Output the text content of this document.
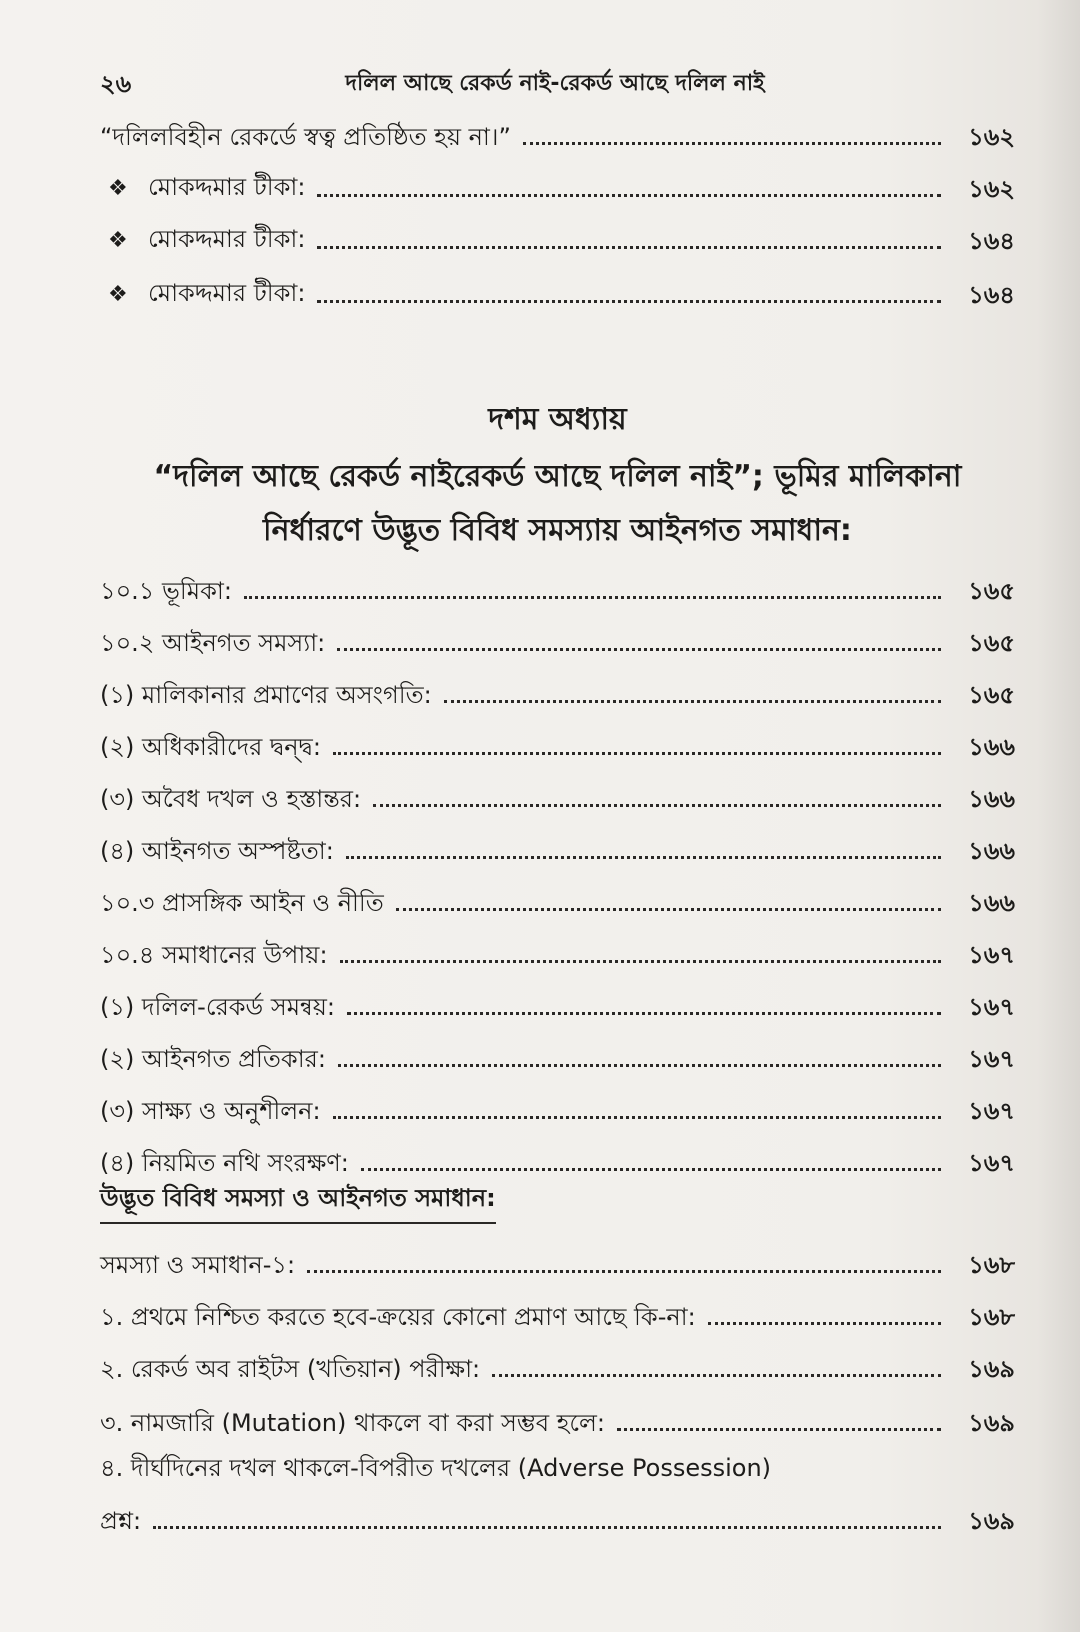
২৬	দলিল আছে রেকর্ড নাই-রেকর্ড আছে দলিল নাই
“দলিলবিহীন রেকর্ডে স্বত্ব প্রতিষ্ঠিত হয় না।”	১৬২
❖ মোকদ্দমার টীকা:	১৬২
❖ মোকদ্দমার টীকা:	১৬৪
❖ মোকদ্দমার টীকা:	১৬৪
দশম অধ্যায়
“দলিল আছে রেকর্ড নাইরেকর্ড আছে দলিল নাই”; ভূমির মালিকানা
নির্ধারণে উদ্ভূত বিবিধ সমস্যায় আইনগত সমাধান:
১০.১ ভূমিকা:	১৬৫
১০.২ আইনগত সমস্যা:	১৬৫
(১) মালিকানার প্রমাণের অসংগতি:	১৬৫
(২) অধিকারীদের দ্বন্দ্ব:	১৬৬
(৩) অবৈধ দখল ও হস্তান্তর:	১৬৬
(৪) আইনগত অস্পষ্টতা:	১৬৬
১০.৩ প্রাসঙ্গিক আইন ও নীতি	১৬৬
১০.৪ সমাধানের উপায়:	১৬৭
(১) দলিল-রেকর্ড সমন্বয়:	১৬৭
(২) আইনগত প্রতিকার:	১৬৭
(৩) সাক্ষ্য ও অনুশীলন:	১৬৭
(৪) নিয়মিত নথি সংরক্ষণ:	১৬৭
উদ্ভূত বিবিধ সমস্যা ও আইনগত সমাধান:
সমস্যা ও সমাধান-১:	১৬৮
১. প্রথমে নিশ্চিত করতে হবে-ক্রয়ের কোনো প্রমাণ আছে কি-না:	১৬৮
২. রেকর্ড অব রাইটস (খতিয়ান) পরীক্ষা:	১৬৯
৩. নামজারি (Mutation) থাকলে বা করা সম্ভব হলে:	১৬৯
৪. দীর্ঘদিনের দখল থাকলে-বিপরীত দখলের (Adverse Possession)
প্রশ্ন:	১৬৯
